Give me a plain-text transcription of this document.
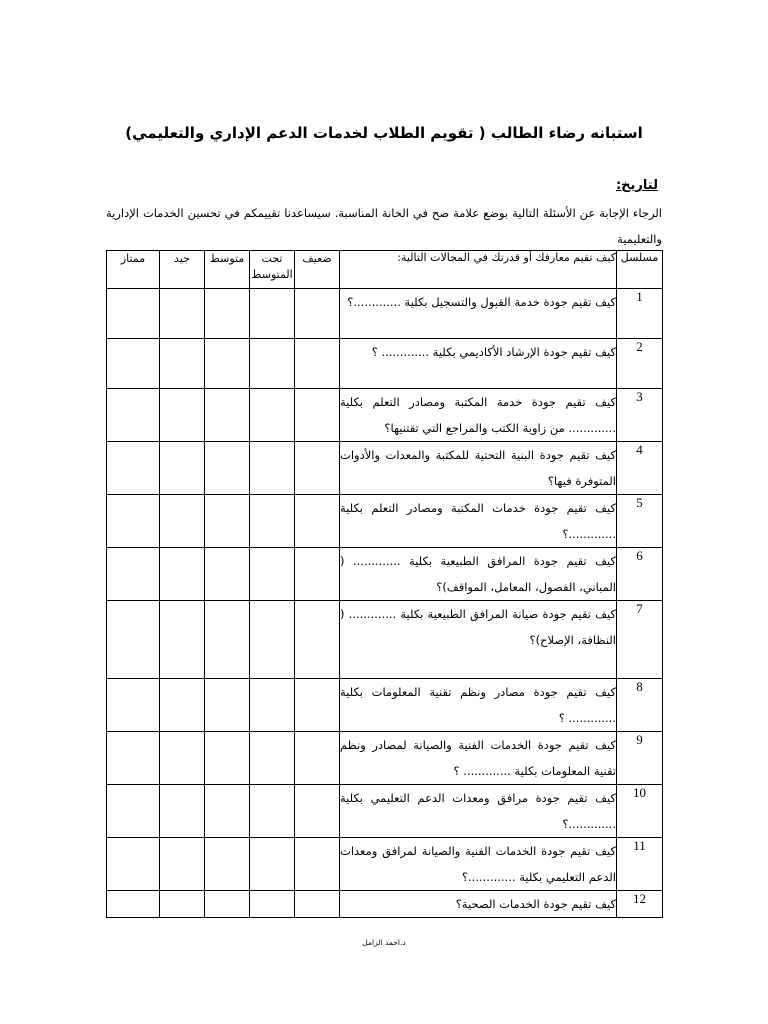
استبانه رضاء الطالب ( تقويم الطلاب لخدمات الدعم الإداري والتعليمي)
لتاريخ:
الرجاء الإجابة عن الأسئلة التالية بوضع علامة صح في الخانة المناسبة. سيساعدنا تقييمكم في تحسين الخدمات الإدارية والتعليمية
مسلسل	كيف تقيم معارفك أو قدرتك في المجالات التالية:	ضعيف	تحت المتوسط	متوسط	جيد	ممتاز
1	كيف تقيم جودة خدمة القبول والتسجيل بكلية .............؟					
2	كيف تقيم جودة الإرشاد الأكاديمي بكلية ............. ؟					
3	كيف تقيم جودة خدمة المكتبة ومصادر التعلم بكلية ............. من زاوية الكتب والمراجع التي تقتنيها؟					
4	كيف تقيم جودة البنية التحتية للمكتبة والمعدات والأدوات المتوفرة فيها؟					
5	كيف تقيم جودة خدمات المكتبة ومصادر التعلم بكلية .............؟					
6	كيف تقيم جودة المرافق الطبيعية بكلية ............. ( المباني، الفصول، المعامل، المواقف)؟					
7	كيف تقيم جودة صيانة المرافق الطبيعية بكلية ............. ( النظافة، الإصلاح)؟					
8	كيف تقيم جودة مصادر ونظم تقنية المعلومات بكلية ............. ؟					
9	كيف تقيم جودة الخدمات الفنية والصيانة لمصادر ونظم تقنية المعلومات بكلية ............. ؟					
10	كيف تقيم جودة مرافق ومعدات الدعم التعليمي بكلية .............؟					
11	كيف تقيم جودة الخدمات الفنية والصيانة لمرافق ومعدات الدعم التعليمي بكلية .............؟					
12	كيف تقيم جودة الخدمات الصحية؟					
د.احمد الزامل
